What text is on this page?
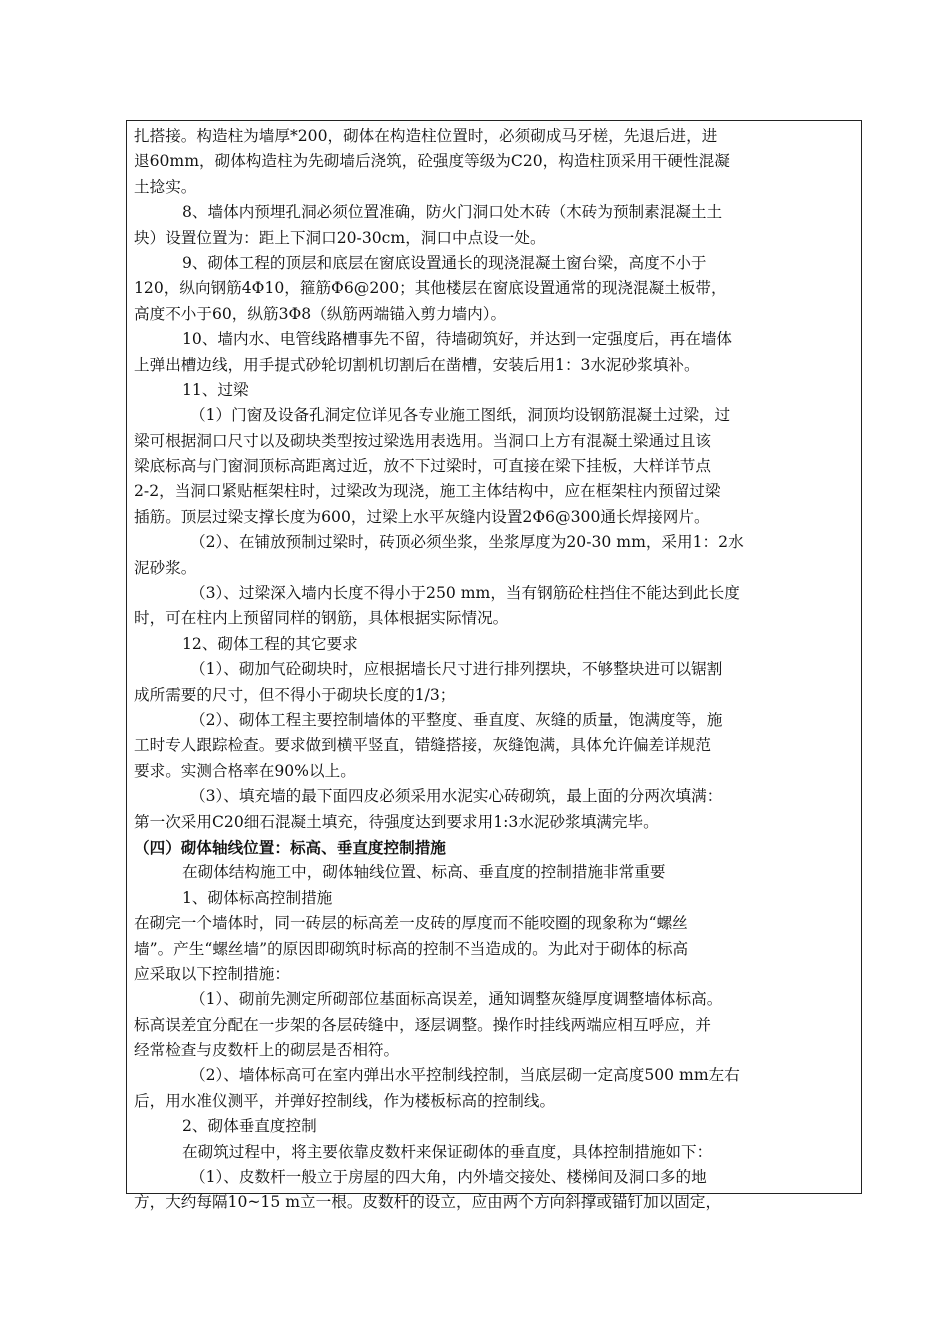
扎搭接。构造柱为墙厚*200，砌体在构造柱位置时，必须砌成马牙槎，先退后进，进
退60mm，砌体构造柱为先砌墙后浇筑，砼强度等级为C20，构造柱顶采用干硬性混凝
土捻实。
8、墙体内预埋孔洞必须位置准确，防火门洞口处木砖（木砖为预制素混凝土土
块）设置位置为：距上下洞口20-30cm，洞口中点设一处。
9、砌体工程的顶层和底层在窗底设置通长的现浇混凝土窗台梁，高度不小于
120，纵向钢筋4Φ10，箍筋Φ6@200；其他楼层在窗底设置通常的现浇混凝土板带，
高度不小于60，纵筋3Φ8（纵筋两端锚入剪力墙内）。
10、墙内水、电管线路槽事先不留，待墙砌筑好，并达到一定强度后，再在墙体
上弹出槽边线，用手提式砂轮切割机切割后在凿槽，安装后用1：3水泥砂浆填补。
11、过梁
（1）门窗及设备孔洞定位详见各专业施工图纸，洞顶均设钢筋混凝土过梁，过
梁可根据洞口尺寸以及砌块类型按过梁选用表选用。当洞口上方有混凝土梁通过且该
梁底标高与门窗洞顶标高距离过近，放不下过梁时，可直接在梁下挂板，大样详节点
2-2，当洞口紧贴框架柱时，过梁改为现浇，施工主体结构中，应在框架柱内预留过梁
插筋。顶层过梁支撑长度为600，过梁上水平灰缝内设置2Φ6@300通长焊接网片。
（2）、在铺放预制过梁时，砖顶必须坐浆，坐浆厚度为20-30 mm，采用1：2水
泥砂浆。
（3）、过梁深入墙内长度不得小于250 mm，当有钢筋砼柱挡住不能达到此长度
时，可在柱内上预留同样的钢筋，具体根据实际情况。
12、砌体工程的其它要求
（1）、砌加气砼砌块时，应根据墙长尺寸进行排列摆块，不够整块进可以锯割
成所需要的尺寸，但不得小于砌块长度的1/3；
（2）、砌体工程主要控制墙体的平整度、垂直度、灰缝的质量，饱满度等，施
工时专人跟踪检查。要求做到横平竖直，错缝搭接，灰缝饱满，具体允许偏差详规范
要求。实测合格率在90%以上。
（3）、填充墙的最下面四皮必须采用水泥实心砖砌筑，最上面的分两次填满：
第一次采用C20细石混凝土填充，待强度达到要求用1:3水泥砂浆填满完毕。
（四）砌体轴线位置：标高、垂直度控制措施
在砌体结构施工中，砌体轴线位置、标高、垂直度的控制措施非常重要
1、砌体标高控制措施
在砌完一个墙体时，同一砖层的标高差一皮砖的厚度而不能咬圈的现象称为“螺丝
墙”。产生“螺丝墙”的原因即砌筑时标高的控制不当造成的。为此对于砌体的标高
应采取以下控制措施：
（1）、砌前先测定所砌部位基面标高误差，通知调整灰缝厚度调整墙体标高。
标高误差宜分配在一步架的各层砖缝中，逐层调整。操作时挂线两端应相互呼应，并
经常检查与皮数杆上的砌层是否相符。
（2）、墙体标高可在室内弹出水平控制线控制，当底层砌一定高度500 mm左右
后，用水准仪测平，并弹好控制线，作为楼板标高的控制线。
2、砌体垂直度控制
在砌筑过程中，将主要依靠皮数杆来保证砌体的垂直度，具体控制措施如下：
（1）、皮数杆一般立于房屋的四大角，内外墙交接处、楼梯间及洞口多的地
方，大约每隔10~15 m立一根。皮数杆的设立，应由两个方向斜撑或锚钉加以固定，
